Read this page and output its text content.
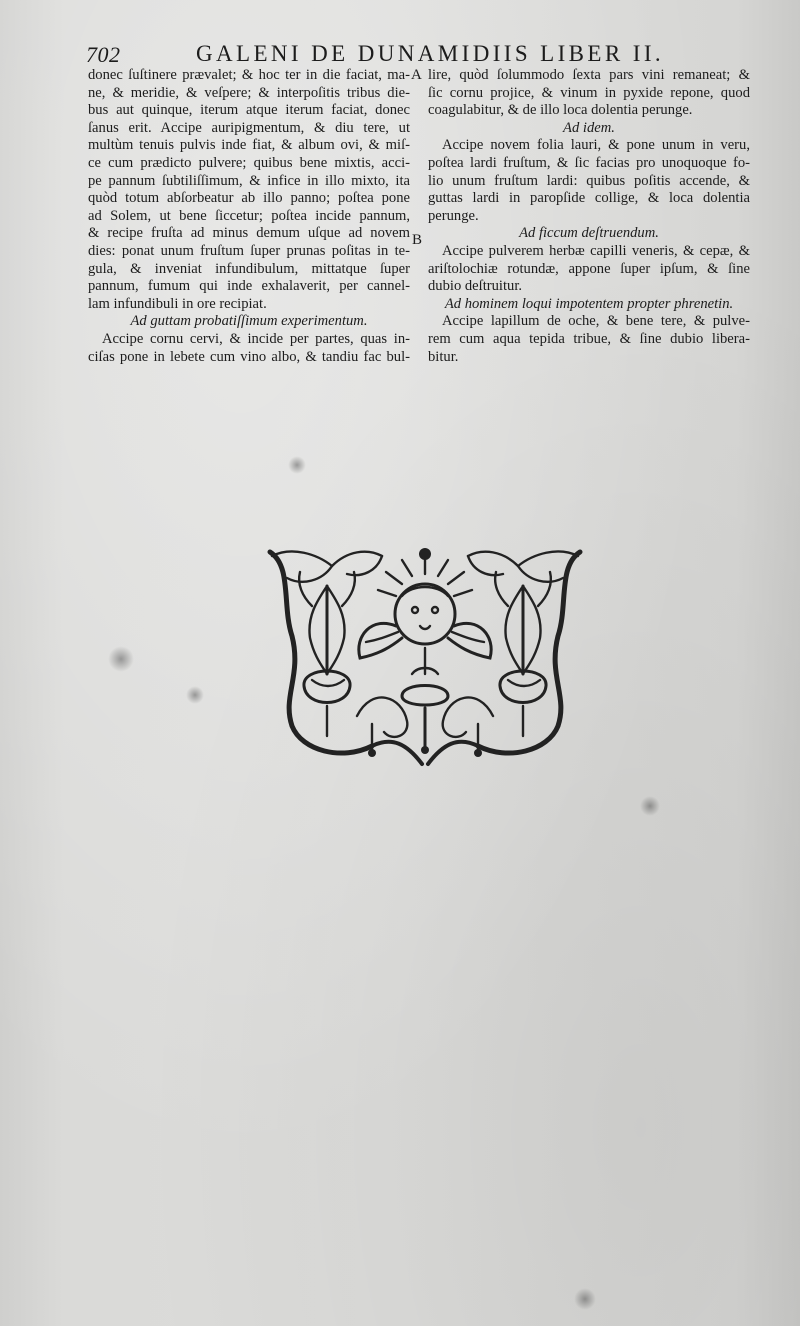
702	GALENI DE DUNAMIDIIS LIBER II.
donec ſuſtinere prævalet; & hoc ter in die faciat, ma-
ne, & meridie, & veſpere; & interpoſitis tribus die-
bus aut quinque, iterum atque iterum faciat, donec
ſanus erit. Accipe auripigmentum, & diu tere, ut
multùm tenuis pulvis inde fiat, & album ovi, & miſ-
ce cum prædicto pulvere; quibus bene mixtis, acci-
pe pannum ſubtiliſſimum, & infice in illo mixto, ita
quòd totum abſorbeatur ab illo panno; poſtea pone
ad Solem, ut bene ſiccetur; poſtea incide pannum,
& recipe fruſta ad minus demum uſque ad novem
dies: ponat unum fruſtum ſuper prunas poſitas in te-
gula, & inveniat infundibulum, mittatque ſuper
pannum, fumum qui inde exhalaverit, per cannel-
lam infundibuli in ore recipiat.
Ad guttam probatiſſimum experimentum.
Accipe cornu cervi, & incide per partes, quas in-
ciſas pone in lebete cum vino albo, & tandiu fac bul-
A
B
lire, quòd ſolummodo ſexta pars vini remaneat; &
ſic cornu projice, & vinum in pyxide repone, quod
coagulabitur, & de illo loca dolentia perunge.
Ad idem.
Accipe novem folia lauri, & pone unum in veru,
poſtea lardi fruſtum, & ſic facias pro unoquoque fo-
lio unum fruſtum lardi: quibus poſitis accende, &
guttas lardi in paropſide collige, & loca dolentia
perunge.
Ad ficcum deſtruendum.
Accipe pulverem herbæ capilli veneris, & cepæ, &
ariſtolochiæ rotundæ, appone ſuper ipſum, & ſine
dubio deſtruitur.
Ad hominem loqui impotentem propter phrenetin.
Accipe lapillum de oche, & bene tere, & pulve-
rem cum aqua tepida tribue, & ſine dubio libera-
bitur.
